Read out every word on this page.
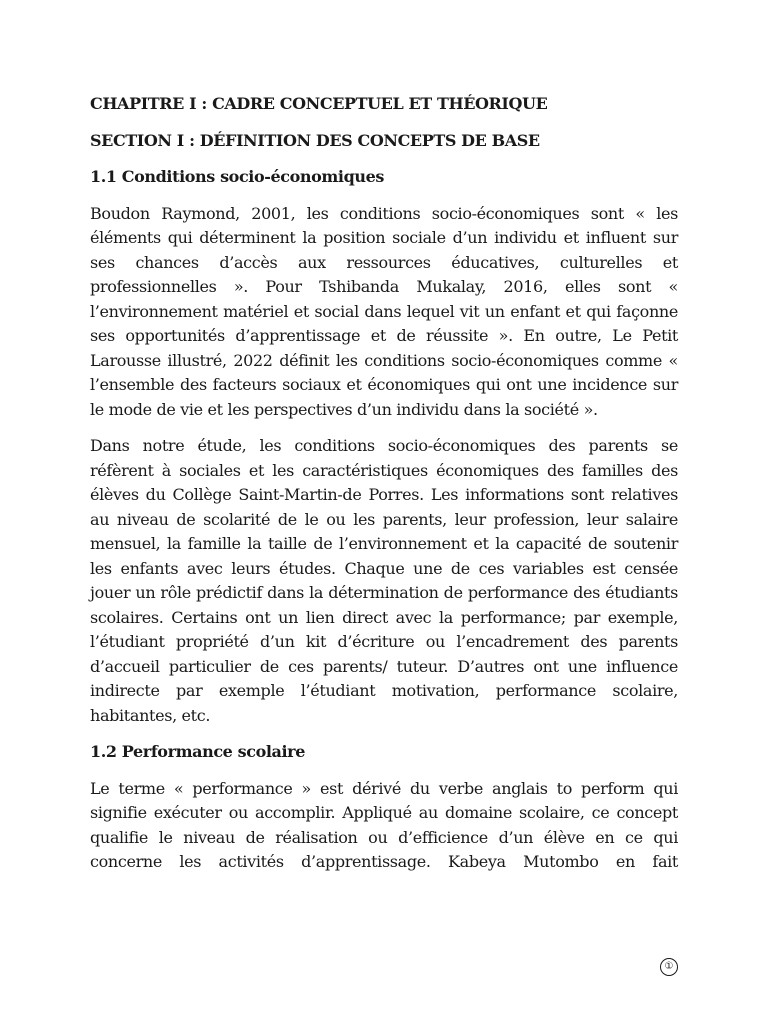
CHAPITRE I : CADRE CONCEPTUEL ET THÉORIQUE
SECTION I : DÉFINITION DES CONCEPTS DE BASE
1.1 Conditions socio-économiques

Boudon Raymond, 2001, les conditions socio-économiques sont « les éléments qui déterminent la position sociale d’un individu et influent sur ses chances d’accès aux ressources éducatives, culturelles et professionnelles ». Pour Tshibanda Mukalay, 2016, elles sont « l’environnement matériel et social dans lequel vit un enfant et qui façonne ses opportunités d’apprentissage et de réussite ». En outre, Le Petit Larousse illustré, 2022 définit les conditions socio-économiques comme « l’ensemble des facteurs sociaux et économiques qui ont une incidence sur le mode de vie et les perspectives d’un individu dans la société ».

Dans notre étude, les conditions socio-économiques des parents se réfèrent à sociales et les caractéristiques économiques des familles des élèves du Collège Saint-Martin-de Porres. Les informations sont relatives au niveau de scolarité de le ou les parents, leur profession, leur salaire mensuel, la famille la taille de l’environnement et la capacité de soutenir les enfants avec leurs études. Chaque une de ces variables est censée jouer un rôle prédictif dans la détermination de performance des étudiants scolaires. Certains ont un lien direct avec la performance; par exemple, l’étudiant propriété d’un kit d’écriture ou l’encadrement des parents d’accueil particulier de ces parents/ tuteur. D’autres ont une influence indirecte par exemple l’étudiant motivation, performance scolaire, habitantes, etc.

1.2 Performance scolaire

Le terme « performance » est dérivé du verbe anglais to perform qui signifie exécuter ou accomplir. Appliqué au domaine scolaire, ce concept qualifie le niveau de réalisation ou d’efficience d’un élève en ce qui concerne les activités d’apprentissage. Kabeya Mutombo en fait

①
